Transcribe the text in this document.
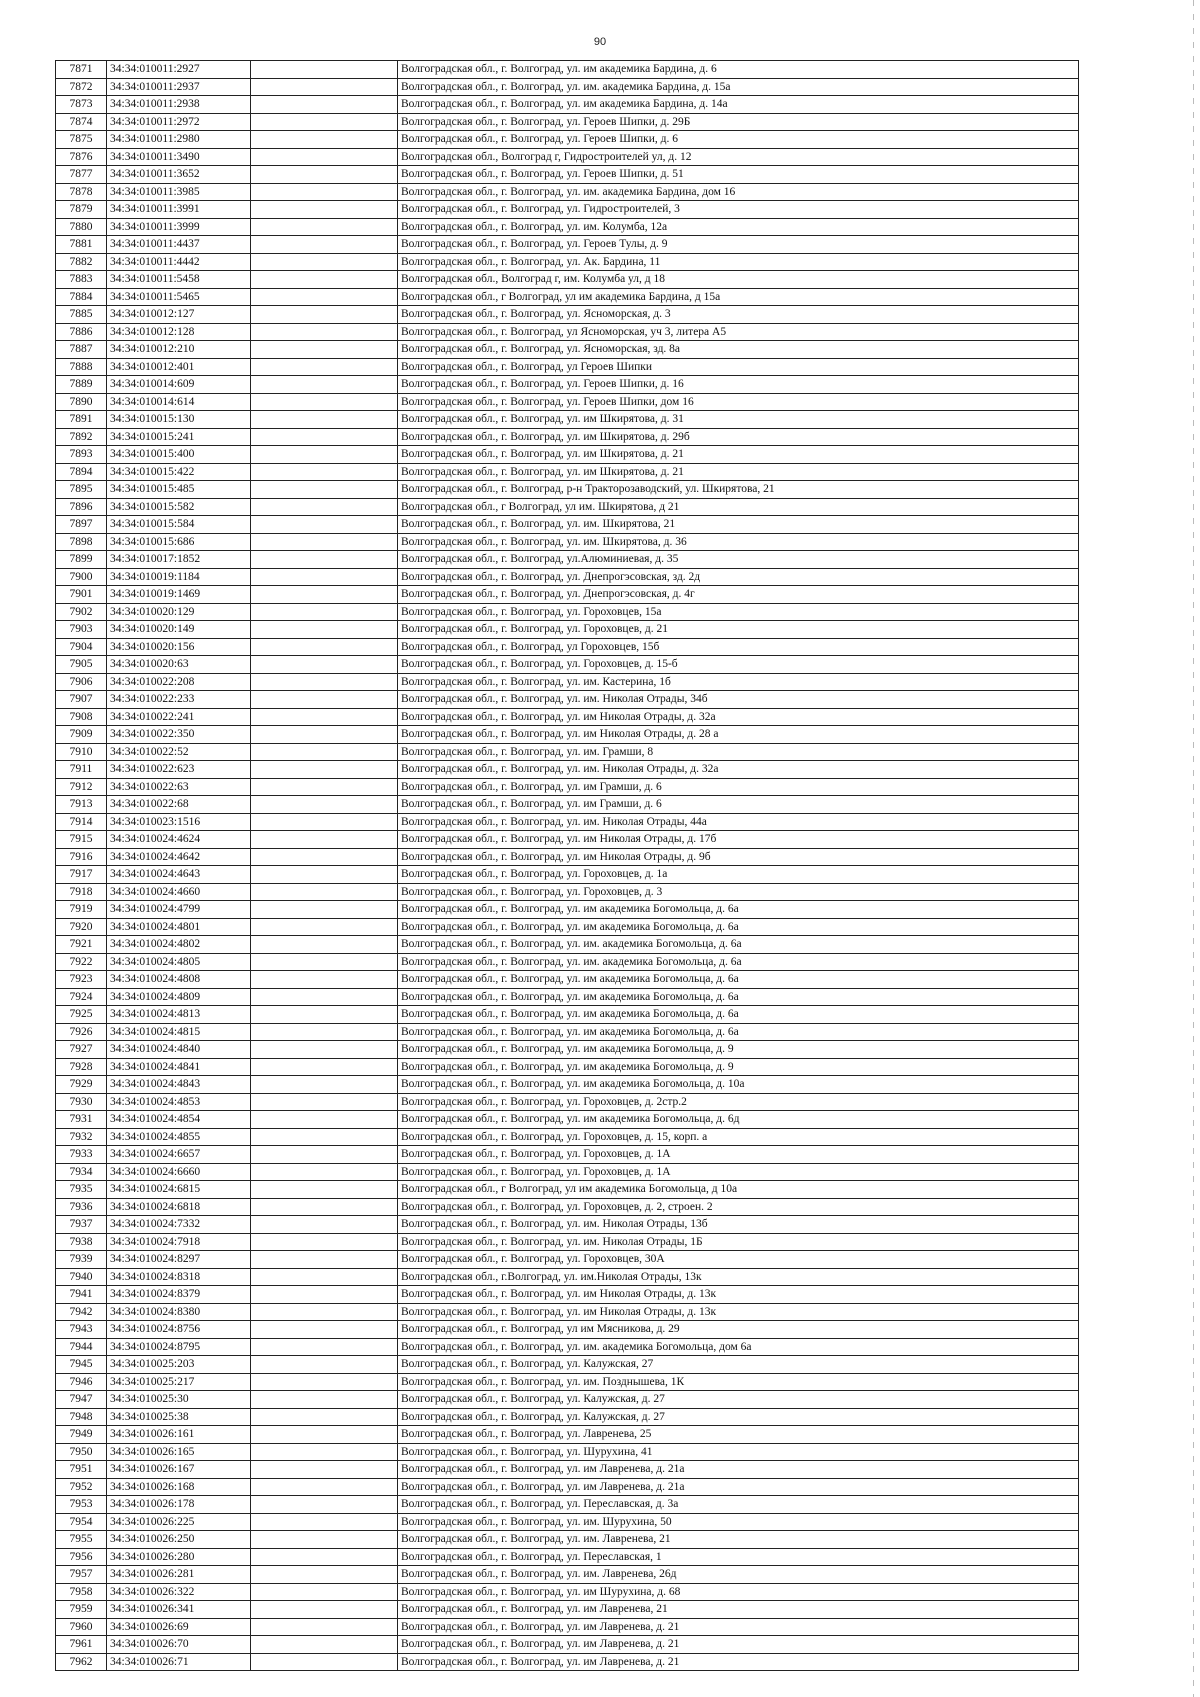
90
7871	34:34:010011:2927		Волгоградская обл., г. Волгоград, ул. им академика Бардина, д. 6
7872	34:34:010011:2937		Волгоградская обл., г. Волгоград, ул. им. академика Бардина, д. 15а
7873	34:34:010011:2938		Волгоградская обл., г. Волгоград, ул. им академика Бардина, д. 14а
7874	34:34:010011:2972		Волгоградская обл., г. Волгоград, ул. Героев Шипки, д. 29Б
7875	34:34:010011:2980		Волгоградская обл., г. Волгоград, ул. Героев Шипки, д. 6
7876	34:34:010011:3490		Волгоградская обл., Волгоград г, Гидростроителей ул, д. 12
7877	34:34:010011:3652		Волгоградская обл., г. Волгоград, ул. Героев Шипки, д. 51
7878	34:34:010011:3985		Волгоградская обл., г. Волгоград, ул. им. академика Бардина, дом 16
7879	34:34:010011:3991		Волгоградская обл., г. Волгоград, ул. Гидростроителей, 3
7880	34:34:010011:3999		Волгоградская обл., г. Волгоград, ул. им. Колумба, 12а
7881	34:34:010011:4437		Волгоградская обл., г. Волгоград, ул. Героев Тулы, д. 9
7882	34:34:010011:4442		Волгоградская обл., г. Волгоград, ул. Ак. Бардина, 11
7883	34:34:010011:5458		Волгоградская обл., Волгоград г, им. Колумба ул, д 18
7884	34:34:010011:5465		Волгоградская обл., г Волгоград, ул им академика Бардина, д 15а
7885	34:34:010012:127		Волгоградская обл., г. Волгоград, ул. Ясноморская, д. 3
7886	34:34:010012:128		Волгоградская обл., г. Волгоград, ул Ясноморская, уч 3, литера А5
7887	34:34:010012:210		Волгоградская обл., г. Волгоград, ул. Ясноморская, зд. 8а
7888	34:34:010012:401		Волгоградская обл., г. Волгоград, ул Героев Шипки
7889	34:34:010014:609		Волгоградская обл., г. Волгоград, ул. Героев Шипки, д. 16
7890	34:34:010014:614		Волгоградская обл., г. Волгоград, ул. Героев Шипки, дом 16
7891	34:34:010015:130		Волгоградская обл., г. Волгоград, ул. им Шкирятова, д. 31
7892	34:34:010015:241		Волгоградская обл., г. Волгоград, ул. им Шкирятова, д. 29б
7893	34:34:010015:400		Волгоградская обл., г. Волгоград, ул. им Шкирятова, д. 21
7894	34:34:010015:422		Волгоградская обл., г. Волгоград, ул. им Шкирятова, д. 21
7895	34:34:010015:485		Волгоградская обл., г. Волгоград, р-н Тракторозаводский, ул. Шкирятова, 21
7896	34:34:010015:582		Волгоградская обл., г Волгоград, ул им. Шкирятова, д 21
7897	34:34:010015:584		Волгоградская обл., г. Волгоград, ул. им. Шкирятова, 21
7898	34:34:010015:686		Волгоградская обл., г. Волгоград, ул. им. Шкирятова, д. 36
7899	34:34:010017:1852		Волгоградская обл., г. Волгоград, ул.Алюминиевая, д. 35
7900	34:34:010019:1184		Волгоградская обл., г. Волгоград, ул. Днепрогэсовская, зд. 2д
7901	34:34:010019:1469		Волгоградская обл., г. Волгоград, ул. Днепрогэсовская, д. 4г
7902	34:34:010020:129		Волгоградская обл., г. Волгоград, ул. Гороховцев, 15а
7903	34:34:010020:149		Волгоградская обл., г. Волгоград, ул. Гороховцев, д. 21
7904	34:34:010020:156		Волгоградская обл., г. Волгоград, ул Гороховцев, 15б
7905	34:34:010020:63		Волгоградская обл., г. Волгоград, ул. Гороховцев, д. 15-б
7906	34:34:010022:208		Волгоградская обл., г. Волгоград, ул. им. Кастерина, 1б
7907	34:34:010022:233		Волгоградская обл., г. Волгоград, ул. им. Николая Отрады, 34б
7908	34:34:010022:241		Волгоградская обл., г. Волгоград, ул. им Николая Отрады, д. 32а
7909	34:34:010022:350		Волгоградская обл., г. Волгоград, ул. им Николая Отрады, д. 28 а
7910	34:34:010022:52		Волгоградская обл., г. Волгоград, ул. им. Грамши, 8
7911	34:34:010022:623		Волгоградская обл., г. Волгоград, ул. им. Николая Отрады, д. 32а
7912	34:34:010022:63		Волгоградская обл., г. Волгоград, ул. им Грамши, д. 6
7913	34:34:010022:68		Волгоградская обл., г. Волгоград, ул. им Грамши, д. 6
7914	34:34:010023:1516		Волгоградская обл., г. Волгоград, ул. им. Николая Отрады, 44а
7915	34:34:010024:4624		Волгоградская обл., г. Волгоград, ул. им Николая Отрады, д. 17б
7916	34:34:010024:4642		Волгоградская обл., г. Волгоград, ул. им Николая Отрады, д. 9б
7917	34:34:010024:4643		Волгоградская обл., г. Волгоград, ул. Гороховцев, д. 1а
7918	34:34:010024:4660		Волгоградская обл., г. Волгоград, ул. Гороховцев, д. 3
7919	34:34:010024:4799		Волгоградская обл., г. Волгоград, ул. им академика Богомольца, д. 6а
7920	34:34:010024:4801		Волгоградская обл., г. Волгоград, ул. им академика Богомольца, д. 6а
7921	34:34:010024:4802		Волгоградская обл., г. Волгоград, ул. им. академика Богомольца, д. 6а
7922	34:34:010024:4805		Волгоградская обл., г. Волгоград, ул. им. академика Богомольца, д. 6а
7923	34:34:010024:4808		Волгоградская обл., г. Волгоград, ул. им академика Богомольца, д. 6а
7924	34:34:010024:4809		Волгоградская обл., г. Волгоград, ул. им академика Богомольца, д. 6а
7925	34:34:010024:4813		Волгоградская обл., г. Волгоград, ул. им академика Богомольца, д. 6а
7926	34:34:010024:4815		Волгоградская обл., г. Волгоград, ул. им академика Богомольца, д. 6а
7927	34:34:010024:4840		Волгоградская обл., г. Волгоград, ул. им академика Богомольца, д. 9
7928	34:34:010024:4841		Волгоградская обл., г. Волгоград, ул. им академика Богомольца, д. 9
7929	34:34:010024:4843		Волгоградская обл., г. Волгоград, ул. им академика Богомольца, д. 10а
7930	34:34:010024:4853		Волгоградская обл., г. Волгоград, ул. Гороховцев, д. 2стр.2
7931	34:34:010024:4854		Волгоградская обл., г. Волгоград, ул. им академика Богомольца, д. 6д
7932	34:34:010024:4855		Волгоградская обл., г. Волгоград, ул. Гороховцев, д. 15, корп. а
7933	34:34:010024:6657		Волгоградская обл., г. Волгоград, ул. Гороховцев, д. 1А
7934	34:34:010024:6660		Волгоградская обл., г. Волгоград, ул. Гороховцев, д. 1А
7935	34:34:010024:6815		Волгоградская обл., г Волгоград, ул им академика Богомольца, д 10а
7936	34:34:010024:6818		Волгоградская обл., г. Волгоград, ул. Гороховцев, д. 2, строен. 2
7937	34:34:010024:7332		Волгоградская обл., г. Волгоград, ул. им. Николая Отрады, 13б
7938	34:34:010024:7918		Волгоградская обл., г. Волгоград, ул. им. Николая Отрады, 1Б
7939	34:34:010024:8297		Волгоградская обл., г. Волгоград, ул. Гороховцев, 30А
7940	34:34:010024:8318		Волгоградская обл., г.Волгоград, ул. им.Николая Отрады, 13к
7941	34:34:010024:8379		Волгоградская обл., г. Волгоград, ул. им Николая Отрады, д. 13к
7942	34:34:010024:8380		Волгоградская обл., г. Волгоград, ул. им Николая Отрады, д. 13к
7943	34:34:010024:8756		Волгоградская обл., г. Волгоград, ул им Мясникова, д. 29
7944	34:34:010024:8795		Волгоградская обл., г. Волгоград, ул. им. академика Богомольца, дом 6а
7945	34:34:010025:203		Волгоградская обл., г. Волгоград, ул. Калужская, 27
7946	34:34:010025:217		Волгоградская обл., г. Волгоград, ул. им. Позднышева, 1К
7947	34:34:010025:30		Волгоградская обл., г. Волгоград, ул. Калужская, д. 27
7948	34:34:010025:38		Волгоградская обл., г. Волгоград, ул. Калужская, д. 27
7949	34:34:010026:161		Волгоградская обл., г. Волгоград, ул. Лавренева, 25
7950	34:34:010026:165		Волгоградская обл., г. Волгоград, ул. Шурухина, 41
7951	34:34:010026:167		Волгоградская обл., г. Волгоград, ул. им Лавренева, д. 21а
7952	34:34:010026:168		Волгоградская обл., г. Волгоград, ул. им Лавренева, д. 21а
7953	34:34:010026:178		Волгоградская обл., г. Волгоград, ул. Переславская, д. 3а
7954	34:34:010026:225		Волгоградская обл., г. Волгоград, ул. им. Шурухина, 50
7955	34:34:010026:250		Волгоградская обл., г. Волгоград, ул. им. Лавренева, 21
7956	34:34:010026:280		Волгоградская обл., г. Волгоград, ул. Переславская, 1
7957	34:34:010026:281		Волгоградская обл., г. Волгоград, ул. им. Лавренева, 26д
7958	34:34:010026:322		Волгоградская обл., г. Волгоград, ул. им Шурухина, д. 68
7959	34:34:010026:341		Волгоградская обл., г. Волгоград, ул. им Лавренева, 21
7960	34:34:010026:69		Волгоградская обл., г. Волгоград, ул. им Лавренева, д. 21
7961	34:34:010026:70		Волгоградская обл., г. Волгоград, ул. им Лавренева, д. 21
7962	34:34:010026:71		Волгоградская обл., г. Волгоград, ул. им Лавренева, д. 21
